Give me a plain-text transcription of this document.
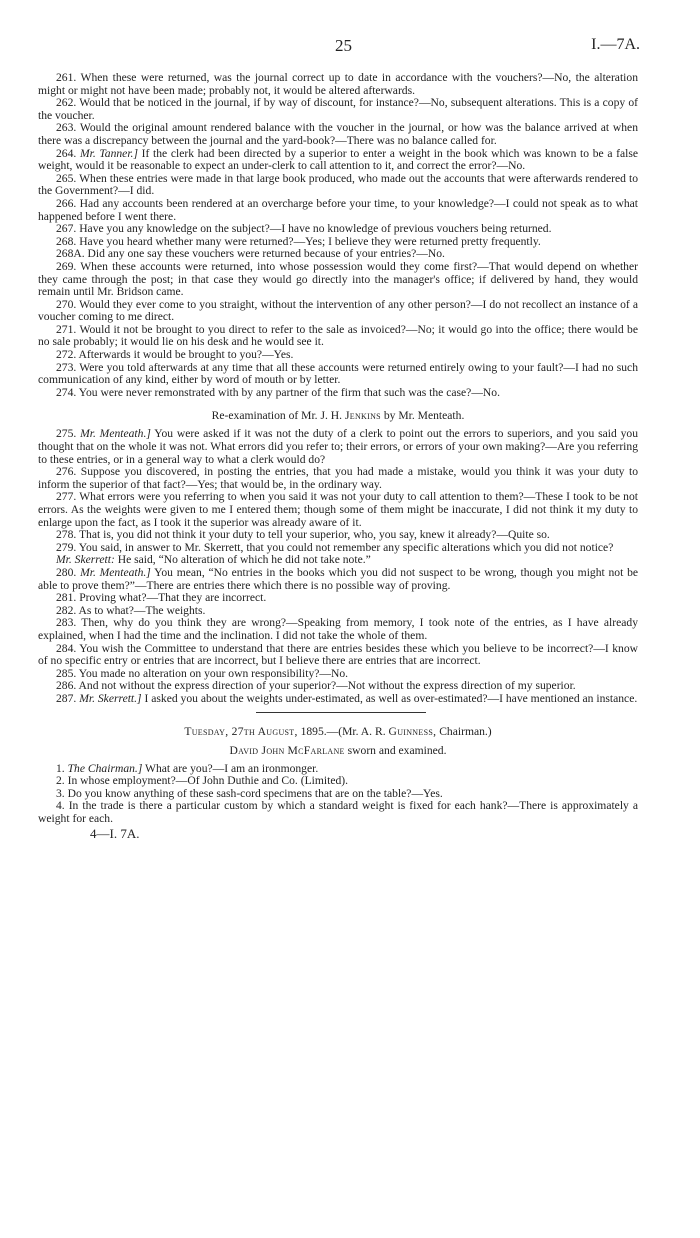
25	I.—7A.

261. When these were returned, was the journal correct up to date in accordance with the vouchers?—No, the alteration might or might not have been made; probably not, it would be altered afterwards.

262. Would that be noticed in the journal, if by way of discount, for instance?—No, subsequent alterations. This is a copy of the voucher.

263. Would the original amount rendered balance with the voucher in the journal, or how was the balance arrived at when there was a discrepancy between the journal and the yard-book?—There was no balance called for.

264. Mr. Tanner.] If the clerk had been directed by a superior to enter a weight in the book which was known to be a false weight, would it be reasonable to expect an under-clerk to call attention to it, and correct the error?—No.

265. When these entries were made in that large book produced, who made out the accounts that were afterwards rendered to the Government?—I did.

266. Had any accounts been rendered at an overcharge before your time, to your knowledge?—I could not speak as to what happened before I went there.

267. Have you any knowledge on the subject?—I have no knowledge of previous vouchers being returned.

268. Have you heard whether many were returned?—Yes; I believe they were returned pretty frequently.

268A. Did any one say these vouchers were returned because of your entries?—No.

269. When these accounts were returned, into whose possession would they come first?—That would depend on whether they came through the post; in that case they would go directly into the manager's office; if delivered by hand, they would remain until Mr. Bridson came.

270. Would they ever come to you straight, without the intervention of any other person?—I do not recollect an instance of a voucher coming to me direct.

271. Would it not be brought to you direct to refer to the sale as invoiced?—No; it would go into the office; there would be no sale probably; it would lie on his desk and he would see it.

272. Afterwards it would be brought to you?—Yes.

273. Were you told afterwards at any time that all these accounts were returned entirely owing to your fault?—I had no such communication of any kind, either by word of mouth or by letter.

274. You were never remonstrated with by any partner of the firm that such was the case?—No.

Re-examination of Mr. J. H. Jenkins by Mr. Menteath.

275. Mr. Menteath.] You were asked if it was not the duty of a clerk to point out the errors to superiors, and you said you thought that on the whole it was not. What errors did you refer to; their errors, or errors of your own making?—Are you referring to these entries, or in a general way to what a clerk would do?

276. Suppose you discovered, in posting the entries, that you had made a mistake, would you think it was your duty to inform the superior of that fact?—Yes; that would be, in the ordinary way.

277. What errors were you referring to when you said it was not your duty to call attention to them?—These I took to be not errors. As the weights were given to me I entered them; though some of them might be inaccurate, I did not think it my duty to enlarge upon the fact, as I took it the superior was already aware of it.

278. That is, you did not think it your duty to tell your superior, who, you say, knew it already?—Quite so.

279. You said, in answer to Mr. Skerrett, that you could not remember any specific alterations which you did not notice?

Mr. Skerrett: He said, “No alteration of which he did not take note.”

280. Mr. Menteath.] You mean, “No entries in the books which you did not suspect to be wrong, though you might not be able to prove them?”—There are entries there which there is no possible way of proving.

281. Proving what?—That they are incorrect.

282. As to what?—The weights.

283. Then, why do you think they are wrong?—Speaking from memory, I took note of the entries, as I have already explained, when I had the time and the inclination. I did not take the whole of them.

284. You wish the Committee to understand that there are entries besides these which you believe to be incorrect?—I know of no specific entry or entries that are incorrect, but I believe there are entries that are incorrect.

285. You made no alteration on your own responsibility?—No.

286. And not without the express direction of your superior?—Not without the express direction of my superior.

287. Mr. Skerrett.] I asked you about the weights under-estimated, as well as over-estimated?—I have mentioned an instance.

Tuesday, 27th August, 1895.—(Mr. A. R. Guinness, Chairman.)
David John McFarlane sworn and examined.

1. The Chairman.] What are you?—I am an ironmonger.

2. In whose employment?—Of John Duthie and Co. (Limited).

3. Do you know anything of these sash-cord specimens that are on the table?—Yes.

4. In the trade is there a particular custom by which a standard weight is fixed for each hank?—There is approximately a weight for each.

4—I. 7A.
